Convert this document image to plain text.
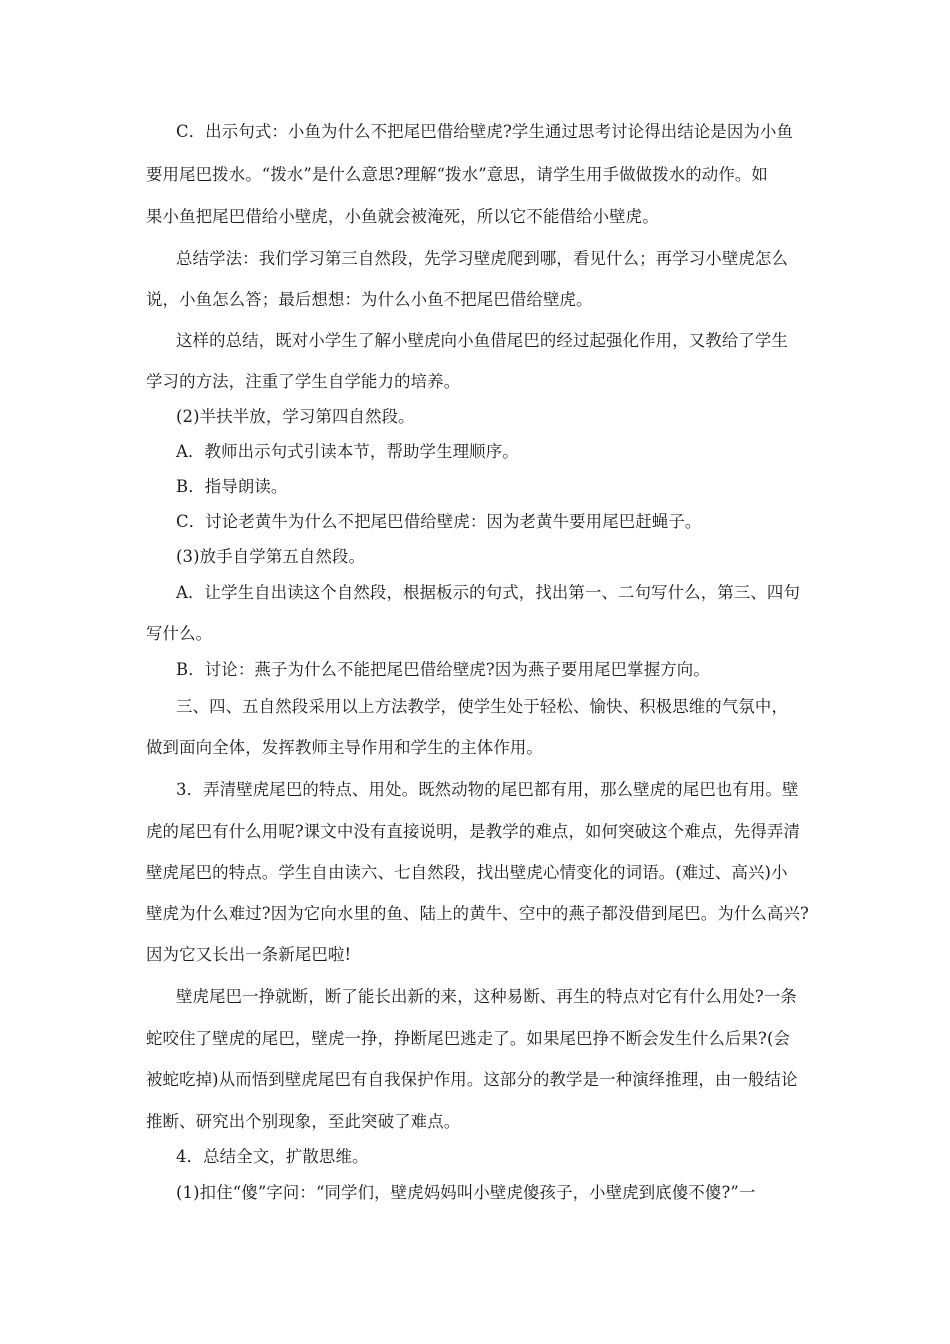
C．出示句式：小鱼为什么不把尾巴借给壁虎?学生通过思考讨论得出结论是因为小鱼
要用尾巴拨水。“拨水”是什么意思?理解“拨水”意思，请学生用手做做拨水的动作。如
果小鱼把尾巴借给小壁虎，小鱼就会被淹死，所以它不能借给小壁虎。
总结学法：我们学习第三自然段，先学习壁虎爬到哪，看见什么；再学习小壁虎怎么
说，小鱼怎么答；最后想想：为什么小鱼不把尾巴借给壁虎。
这样的总结，既对小学生了解小壁虎向小鱼借尾巴的经过起强化作用，又教给了学生
学习的方法，注重了学生自学能力的培养。
(2)半扶半放，学习第四自然段。
A．教师出示句式引读本节，帮助学生理顺序。
B．指导朗读。
C．讨论老黄牛为什么不把尾巴借给壁虎：因为老黄牛要用尾巴赶蝇子。
(3)放手自学第五自然段。
A．让学生自出读这个自然段，根据板示的句式，找出第一、二句写什么，第三、四句
写什么。
B．讨论：燕子为什么不能把尾巴借给壁虎?因为燕子要用尾巴掌握方向。
三、四、五自然段采用以上方法教学，使学生处于轻松、愉快、积极思维的气氛中，
做到面向全体，发挥教师主导作用和学生的主体作用。
3．弄清壁虎尾巴的特点、用处。既然动物的尾巴都有用，那么壁虎的尾巴也有用。壁
虎的尾巴有什么用呢?课文中没有直接说明，是教学的难点，如何突破这个难点，先得弄清
壁虎尾巴的特点。学生自由读六、七自然段，找出壁虎心情变化的词语。(难过、高兴)小
壁虎为什么难过?因为它向水里的鱼、陆上的黄牛、空中的燕子都没借到尾巴。为什么高兴?
因为它又长出一条新尾巴啦!
壁虎尾巴一挣就断，断了能长出新的来，这种易断、再生的特点对它有什么用处?一条
蛇咬住了壁虎的尾巴，壁虎一挣，挣断尾巴逃走了。如果尾巴挣不断会发生什么后果?(会
被蛇吃掉)从而悟到壁虎尾巴有自我保护作用。这部分的教学是一种演绎推理，由一般结论
推断、研究出个别现象，至此突破了难点。
4．总结全文，扩散思维。
(1)扣住“傻”字问：“同学们，壁虎妈妈叫小壁虎傻孩子，小壁虎到底傻不傻?”一
